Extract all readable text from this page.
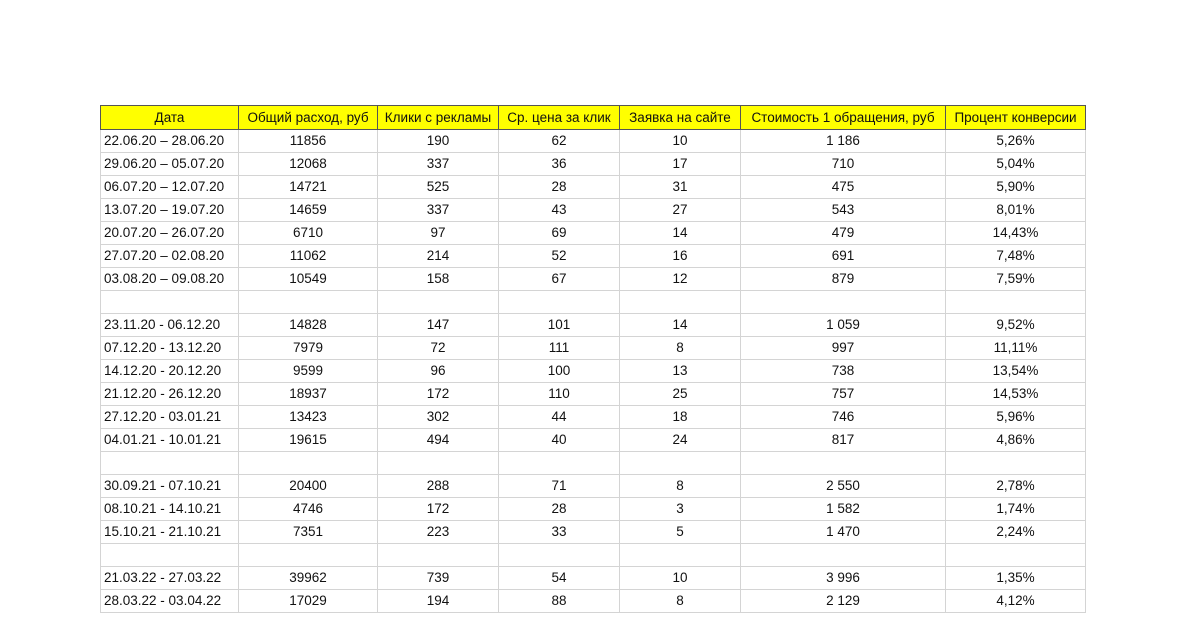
Дата	Общий расход, руб	Клики с рекламы	Ср. цена за клик	Заявка на сайте	Стоимость 1 обращения, руб	Процент конверсии
22.06.20 – 28.06.20	11856	190	62	10	1 186	5,26%
29.06.20 – 05.07.20	12068	337	36	17	710	5,04%
06.07.20 – 12.07.20	14721	525	28	31	475	5,90%
13.07.20 – 19.07.20	14659	337	43	27	543	8,01%
20.07.20 – 26.07.20	6710	97	69	14	479	14,43%
27.07.20 – 02.08.20	11062	214	52	16	691	7,48%
03.08.20 – 09.08.20	10549	158	67	12	879	7,59%

23.11.20 - 06.12.20	14828	147	101	14	1 059	9,52%
07.12.20 - 13.12.20	7979	72	111	8	997	11,11%
14.12.20 - 20.12.20	9599	96	100	13	738	13,54%
21.12.20 - 26.12.20	18937	172	110	25	757	14,53%
27.12.20 - 03.01.21	13423	302	44	18	746	5,96%
04.01.21 - 10.01.21	19615	494	40	24	817	4,86%

30.09.21 - 07.10.21	20400	288	71	8	2 550	2,78%
08.10.21 - 14.10.21	4746	172	28	3	1 582	1,74%
15.10.21 - 21.10.21	7351	223	33	5	1 470	2,24%

21.03.22 - 27.03.22	39962	739	54	10	3 996	1,35%
28.03.22 - 03.04.22	17029	194	88	8	2 129	4,12%
